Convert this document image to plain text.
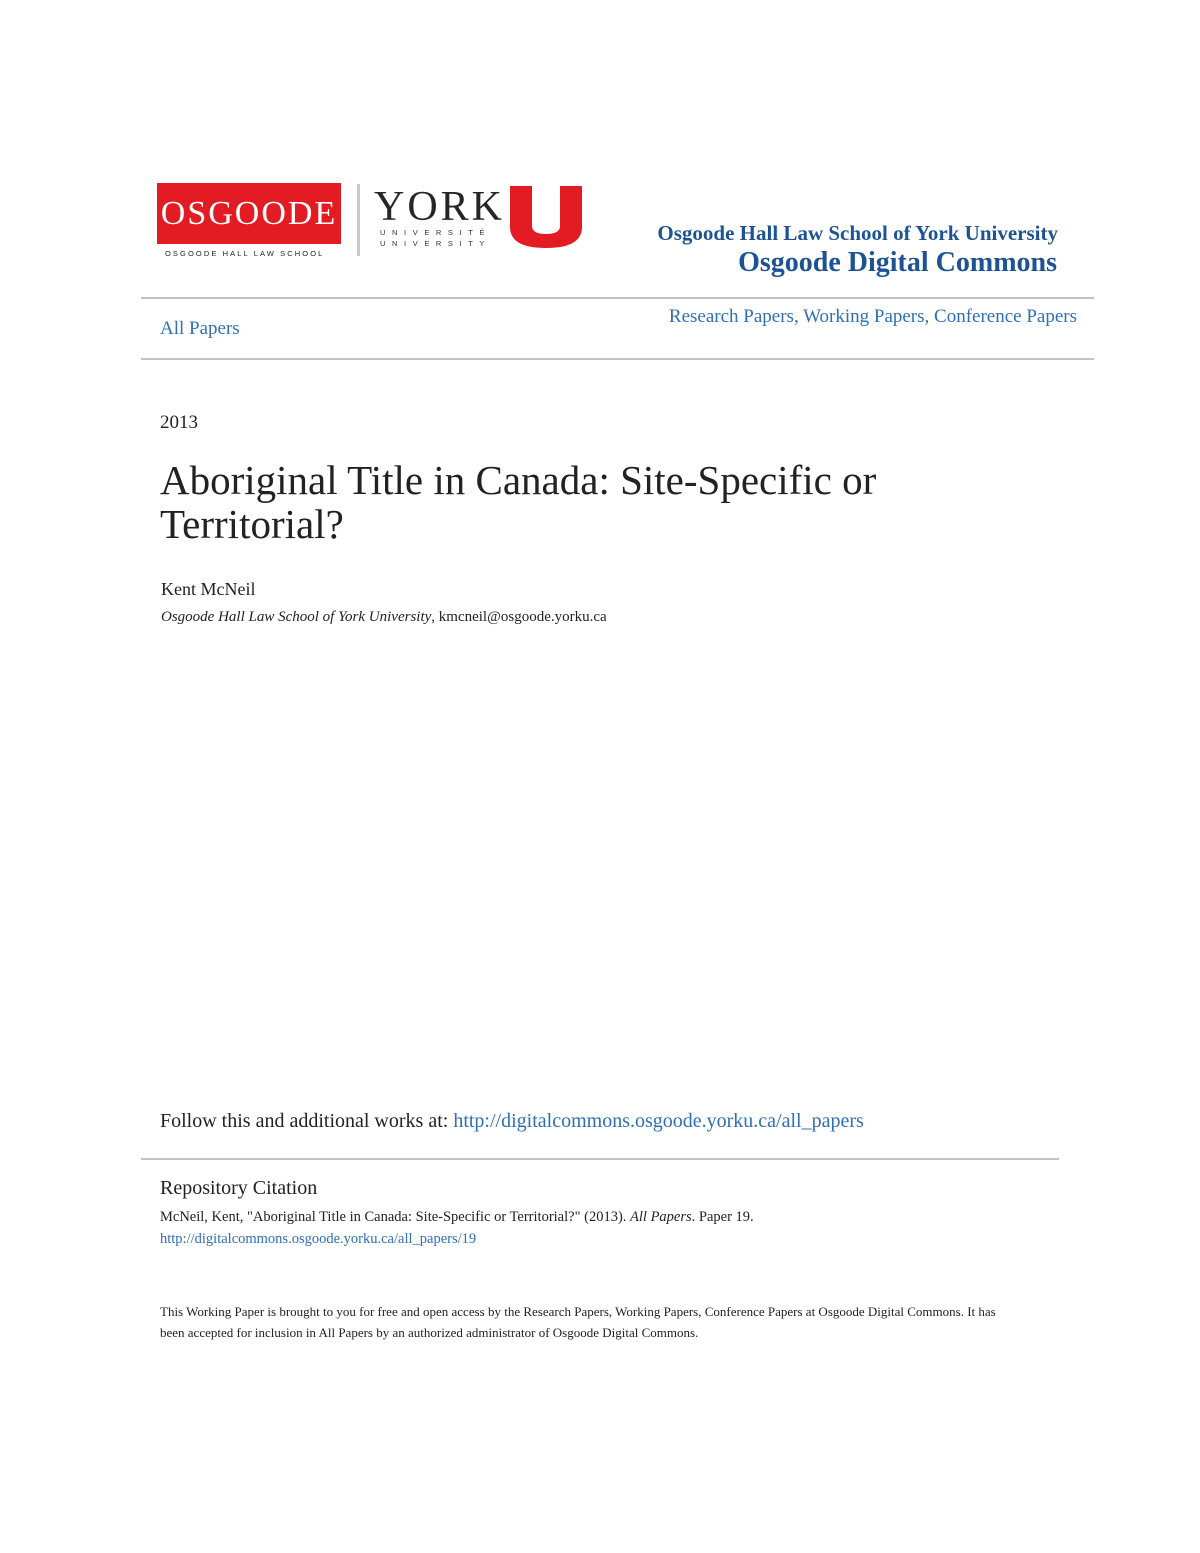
OSGOODE
OSGOODE HALL LAW SCHOOL
YORK
UNIVERSITÉ
UNIVERSITY	Osgoode Hall Law School of York University
Osgoode Digital Commons
All Papers
Research Papers, Working Papers, Conference Papers
2013
Aboriginal Title in Canada: Site-Specific or Territorial?
Kent McNeil
Osgoode Hall Law School of York University, kmcneil@osgoode.yorku.ca
Follow this and additional works at: http://digitalcommons.osgoode.yorku.ca/all_papers
Repository Citation
McNeil, Kent, "Aboriginal Title in Canada: Site-Specific or Territorial?" (2013). All Papers. Paper 19.
http://digitalcommons.osgoode.yorku.ca/all_papers/19
This Working Paper is brought to you for free and open access by the Research Papers, Working Papers, Conference Papers at Osgoode Digital Commons. It has been accepted for inclusion in All Papers by an authorized administrator of Osgoode Digital Commons.
